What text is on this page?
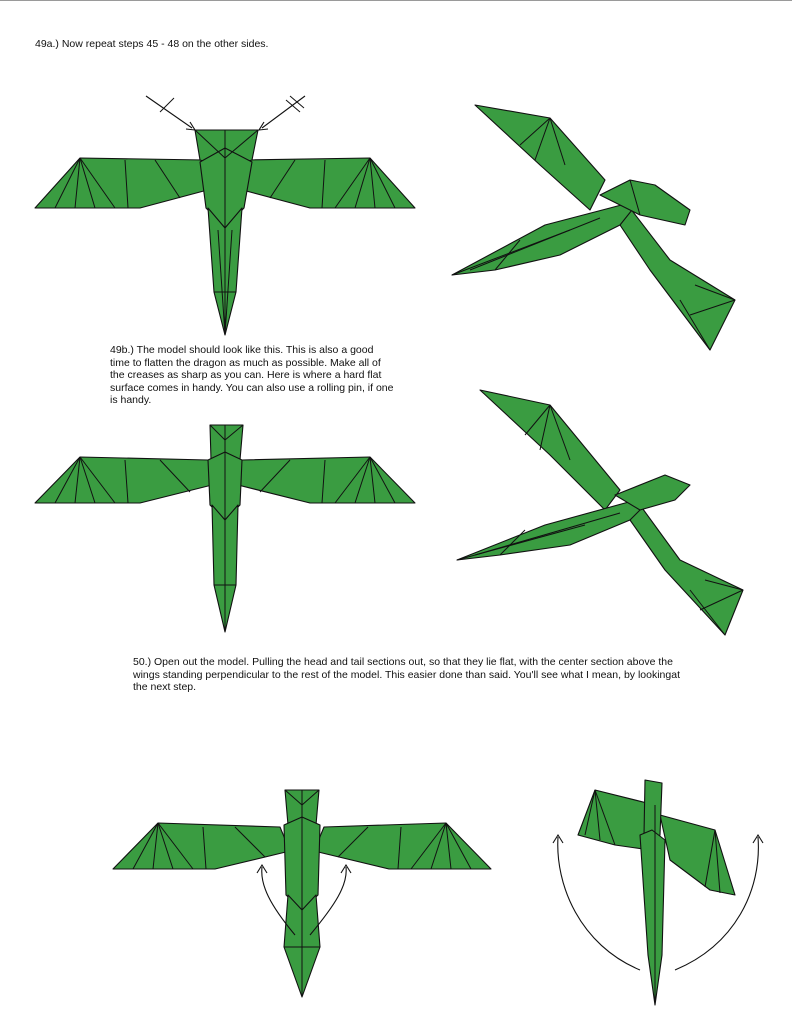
49a.) Now repeat steps 45 - 48 on the other sides.
49b.) The model should look like this. This is also a good
time to flatten the dragon as much as possible. Make all of
the creases as sharp as you can. Here is where a hard flat
surface comes in handy. You can also use a rolling pin, if one
is handy.
50.) Open out the model. Pulling the head and tail sections out, so that they lie flat, with the center section above the
wings standing perpendicular to the rest of the model. This easier done than said. You'll see what I mean, by lookingat
the next step.
